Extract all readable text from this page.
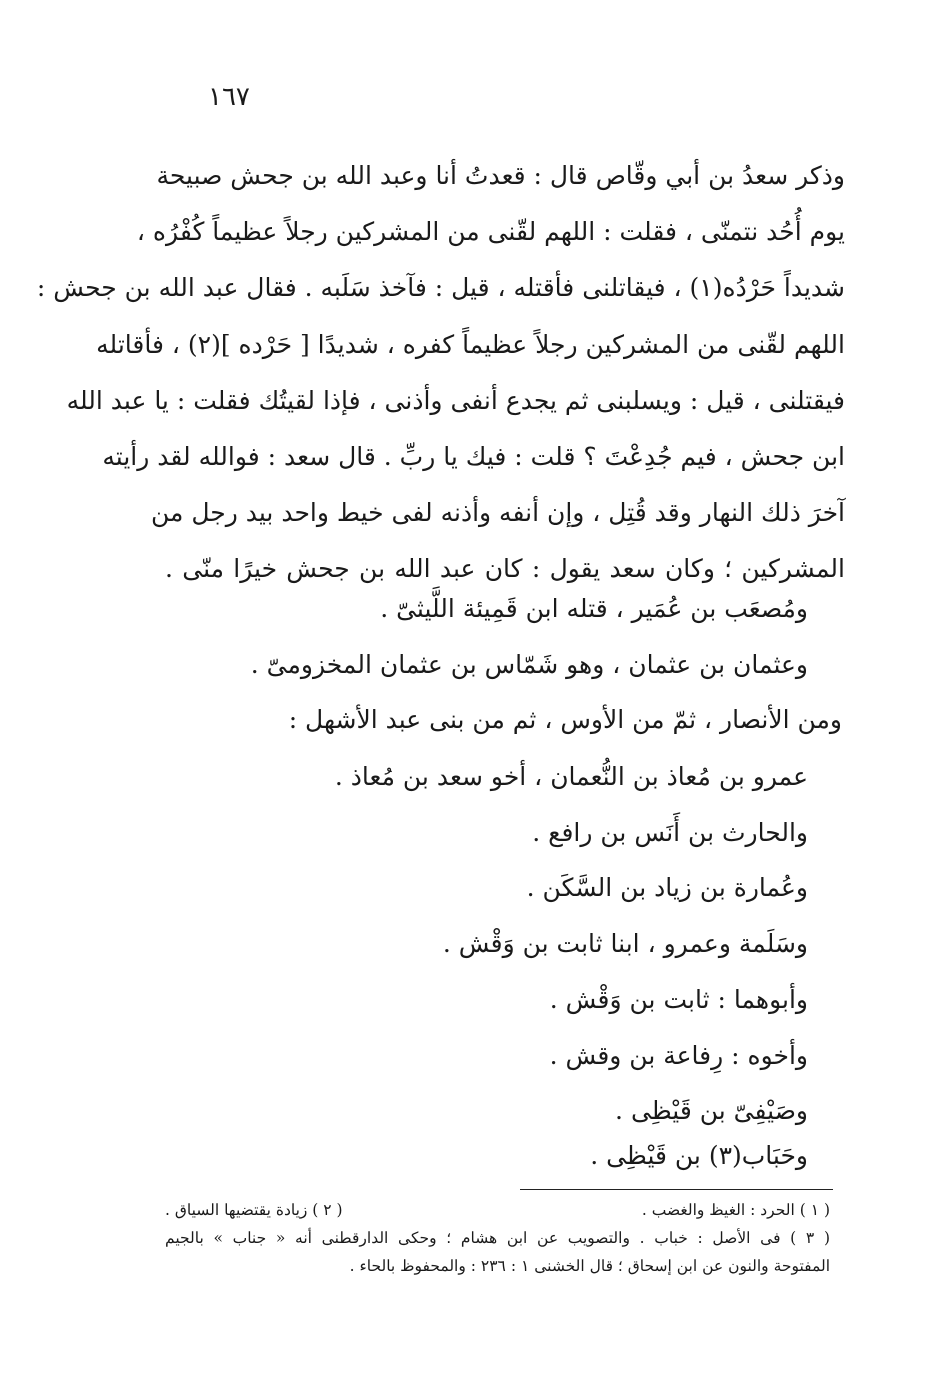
١٦٧

وذكر سعدُ بن أبي وقّاص قال : قعدتُ أنا وعبد الله بن جحش صبيحة

يوم أُحُد نتمنّى ، فقلت : اللهم لقّنى من المشركين رجلاً عظيماً كُفْرُه ،

شديداً حَرْدُه(١) ، فيقاتلنى فأقتله ، قيل : فآخذ سَلَبه . فقال عبد الله بن جحش :

اللهم لقّنى من المشركين رجلاً عظيماً كفره ، شديدًا [ حَرْده ](٢) ، فأقاتله

فيقتلنى ، قيل : ويسلبنى ثم يجدع أنفى وأذنى ، فإذا لقيتُك فقلت : يا عبد الله

ابن جحش ، فيم جُدِعْتَ ؟ قلت : فيك يا ربِّ . قال سعد : فوالله لقد رأيته

آخرَ ذلك النهار وقد قُتِل ، وإن أنفه وأذنه لفى خيط واحد بيد رجل من

المشركين ؛ وكان سعد يقول : كان عبد الله بن جحش خيرًا منّى .

ومُصعَب بن عُمَير ، قتله ابن قَمِيئة اللَّيثىّ .
وعثمان بن عثمان ، وهو شَمّاس بن عثمان المخزومىّ .
ومن الأنصار ، ثمّ من الأوس ، ثم من بنى عبد الأشهل :
عمرو بن مُعاذ بن النُّعمان ، أخو سعد بن مُعاذ .
والحارث بن أَنَس بن رافع .
وعُمارة بن زياد بن السَّكَن .
وسَلَمة وعمرو ، ابنا ثابت بن وَقْش .
وأبوهما : ثابت بن وَقْش .
وأخوه : رِفاعة بن وقش .
وصَيْفِىّ بن قَيْظِى .
وحَبَاب(٣) بن قَيْظِى .
( ١ ) الحرد : الغيظ والغضب .
( ٢ ) زيادة يقتضيها السياق .
( ٣ ) فى الأصل : خباب . والتصويب عن ابن هشام ؛ وحكى الدارقطنى أنه « جناب » بالجيم
المفتوحة والنون عن ابن إسحاق ؛ قال الخشنى ١ : ٢٣٦ : والمحفوظ بالحاء .
